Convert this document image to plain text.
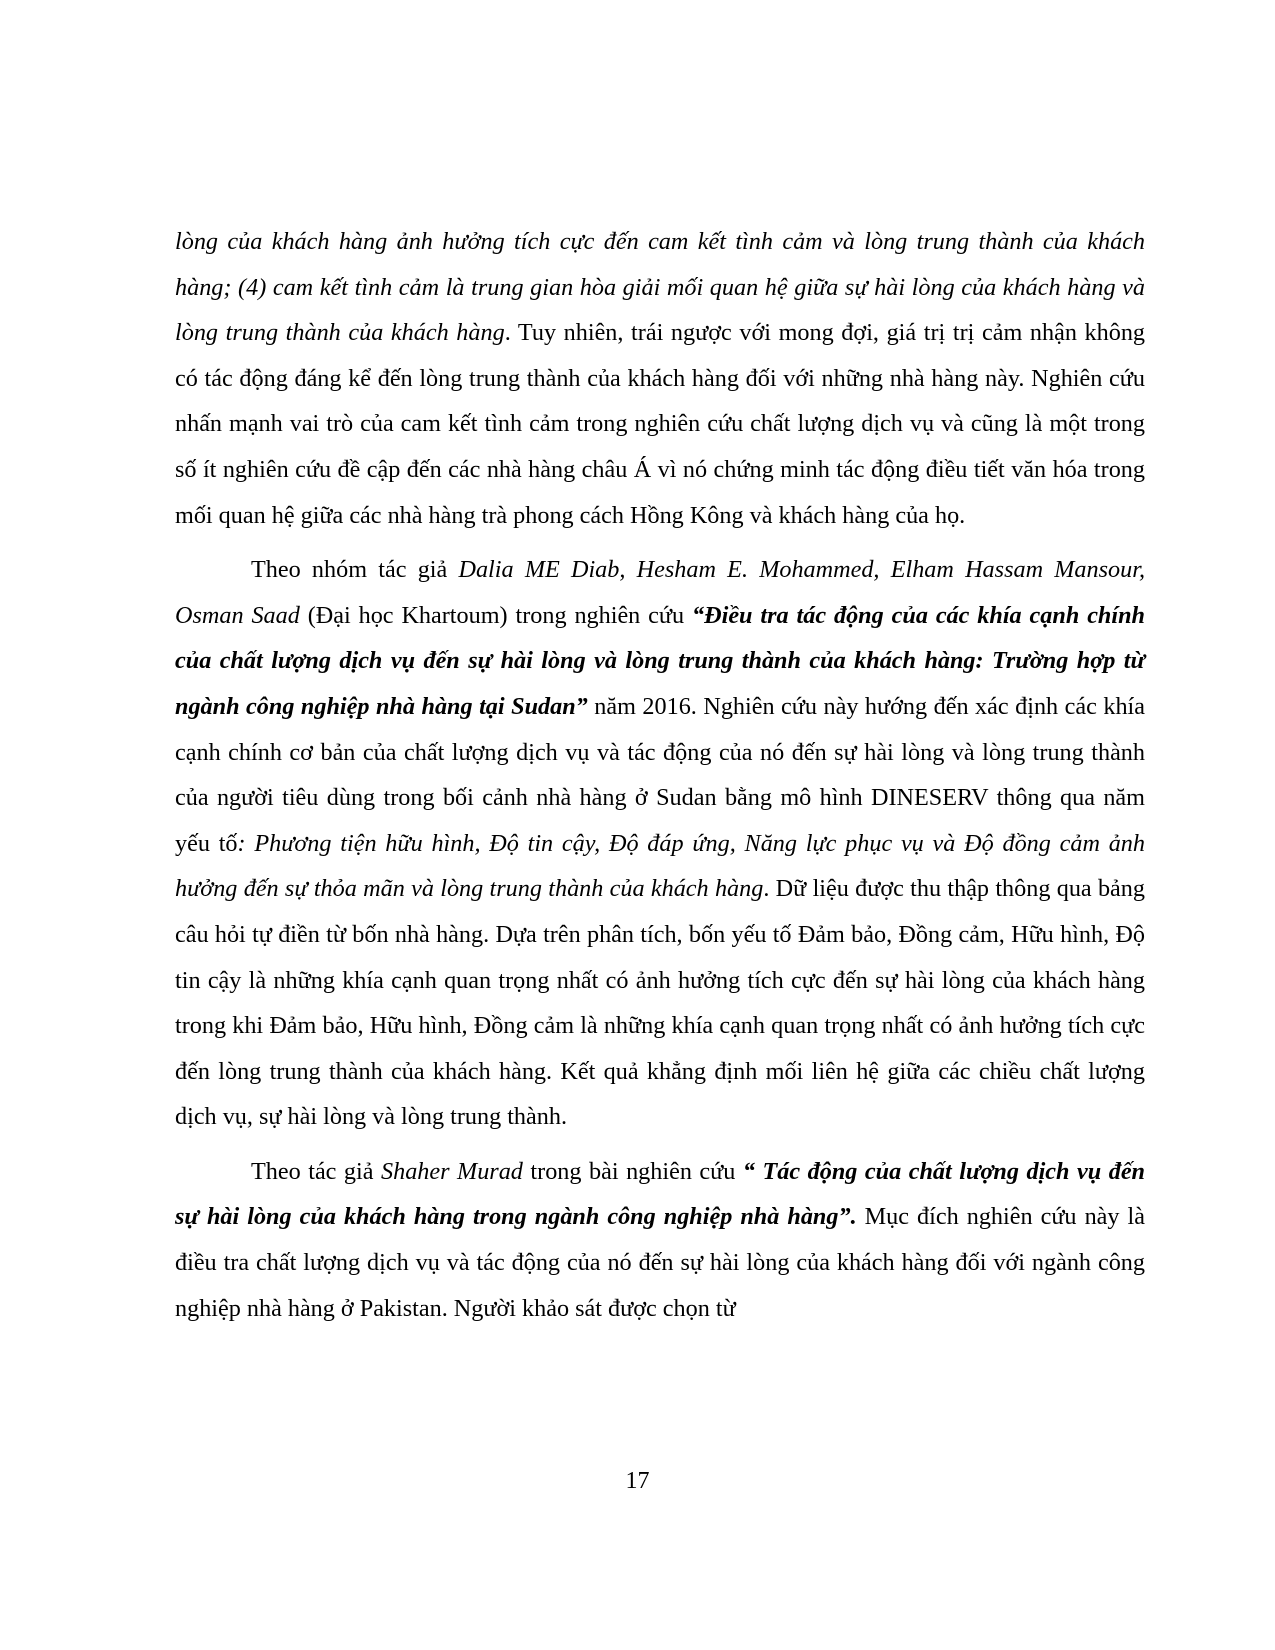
lòng của khách hàng ảnh hưởng tích cực đến cam kết tình cảm và lòng trung thành của khách hàng; (4) cam kết tình cảm là trung gian hòa giải mối quan hệ giữa sự hài lòng của khách hàng và lòng trung thành của khách hàng. Tuy nhiên, trái ngược với mong đợi, giá trị trị cảm nhận không có tác động đáng kể đến lòng trung thành của khách hàng đối với những nhà hàng này. Nghiên cứu nhấn mạnh vai trò của cam kết tình cảm trong nghiên cứu chất lượng dịch vụ và cũng là một trong số ít nghiên cứu đề cập đến các nhà hàng châu Á vì nó chứng minh tác động điều tiết văn hóa trong mối quan hệ giữa các nhà hàng trà phong cách Hồng Kông và khách hàng của họ.

Theo nhóm tác giả Dalia ME Diab, Hesham E. Mohammed, Elham Hassam Mansour, Osman Saad (Đại học Khartoum) trong nghiên cứu “Điều tra tác động của các khía cạnh chính của chất lượng dịch vụ đến sự hài lòng và lòng trung thành của khách hàng: Trường hợp từ ngành công nghiệp nhà hàng tại Sudan” năm 2016. Nghiên cứu này hướng đến xác định các khía cạnh chính cơ bản của chất lượng dịch vụ và tác động của nó đến sự hài lòng và lòng trung thành của người tiêu dùng trong bối cảnh nhà hàng ở Sudan bằng mô hình DINESERV thông qua năm yếu tố: Phương tiện hữu hình, Độ tin cậy, Độ đáp ứng, Năng lực phục vụ và Độ đồng cảm ảnh hưởng đến sự thỏa mãn và lòng trung thành của khách hàng. Dữ liệu được thu thập thông qua bảng câu hỏi tự điền từ bốn nhà hàng. Dựa trên phân tích, bốn yếu tố Đảm bảo, Đồng cảm, Hữu hình, Độ tin cậy là những khía cạnh quan trọng nhất có ảnh hưởng tích cực đến sự hài lòng của khách hàng trong khi Đảm bảo, Hữu hình, Đồng cảm là những khía cạnh quan trọng nhất có ảnh hưởng tích cực đến lòng trung thành của khách hàng. Kết quả khẳng định mối liên hệ giữa các chiều chất lượng dịch vụ, sự hài lòng và lòng trung thành.

Theo tác giả Shaher Murad trong bài nghiên cứu “ Tác động của chất lượng dịch vụ đến sự hài lòng của khách hàng trong ngành công nghiệp nhà hàng”. Mục đích nghiên cứu này là điều tra chất lượng dịch vụ và tác động của nó đến sự hài lòng của khách hàng đối với ngành công nghiệp nhà hàng ở Pakistan. Người khảo sát được chọn từ

17
